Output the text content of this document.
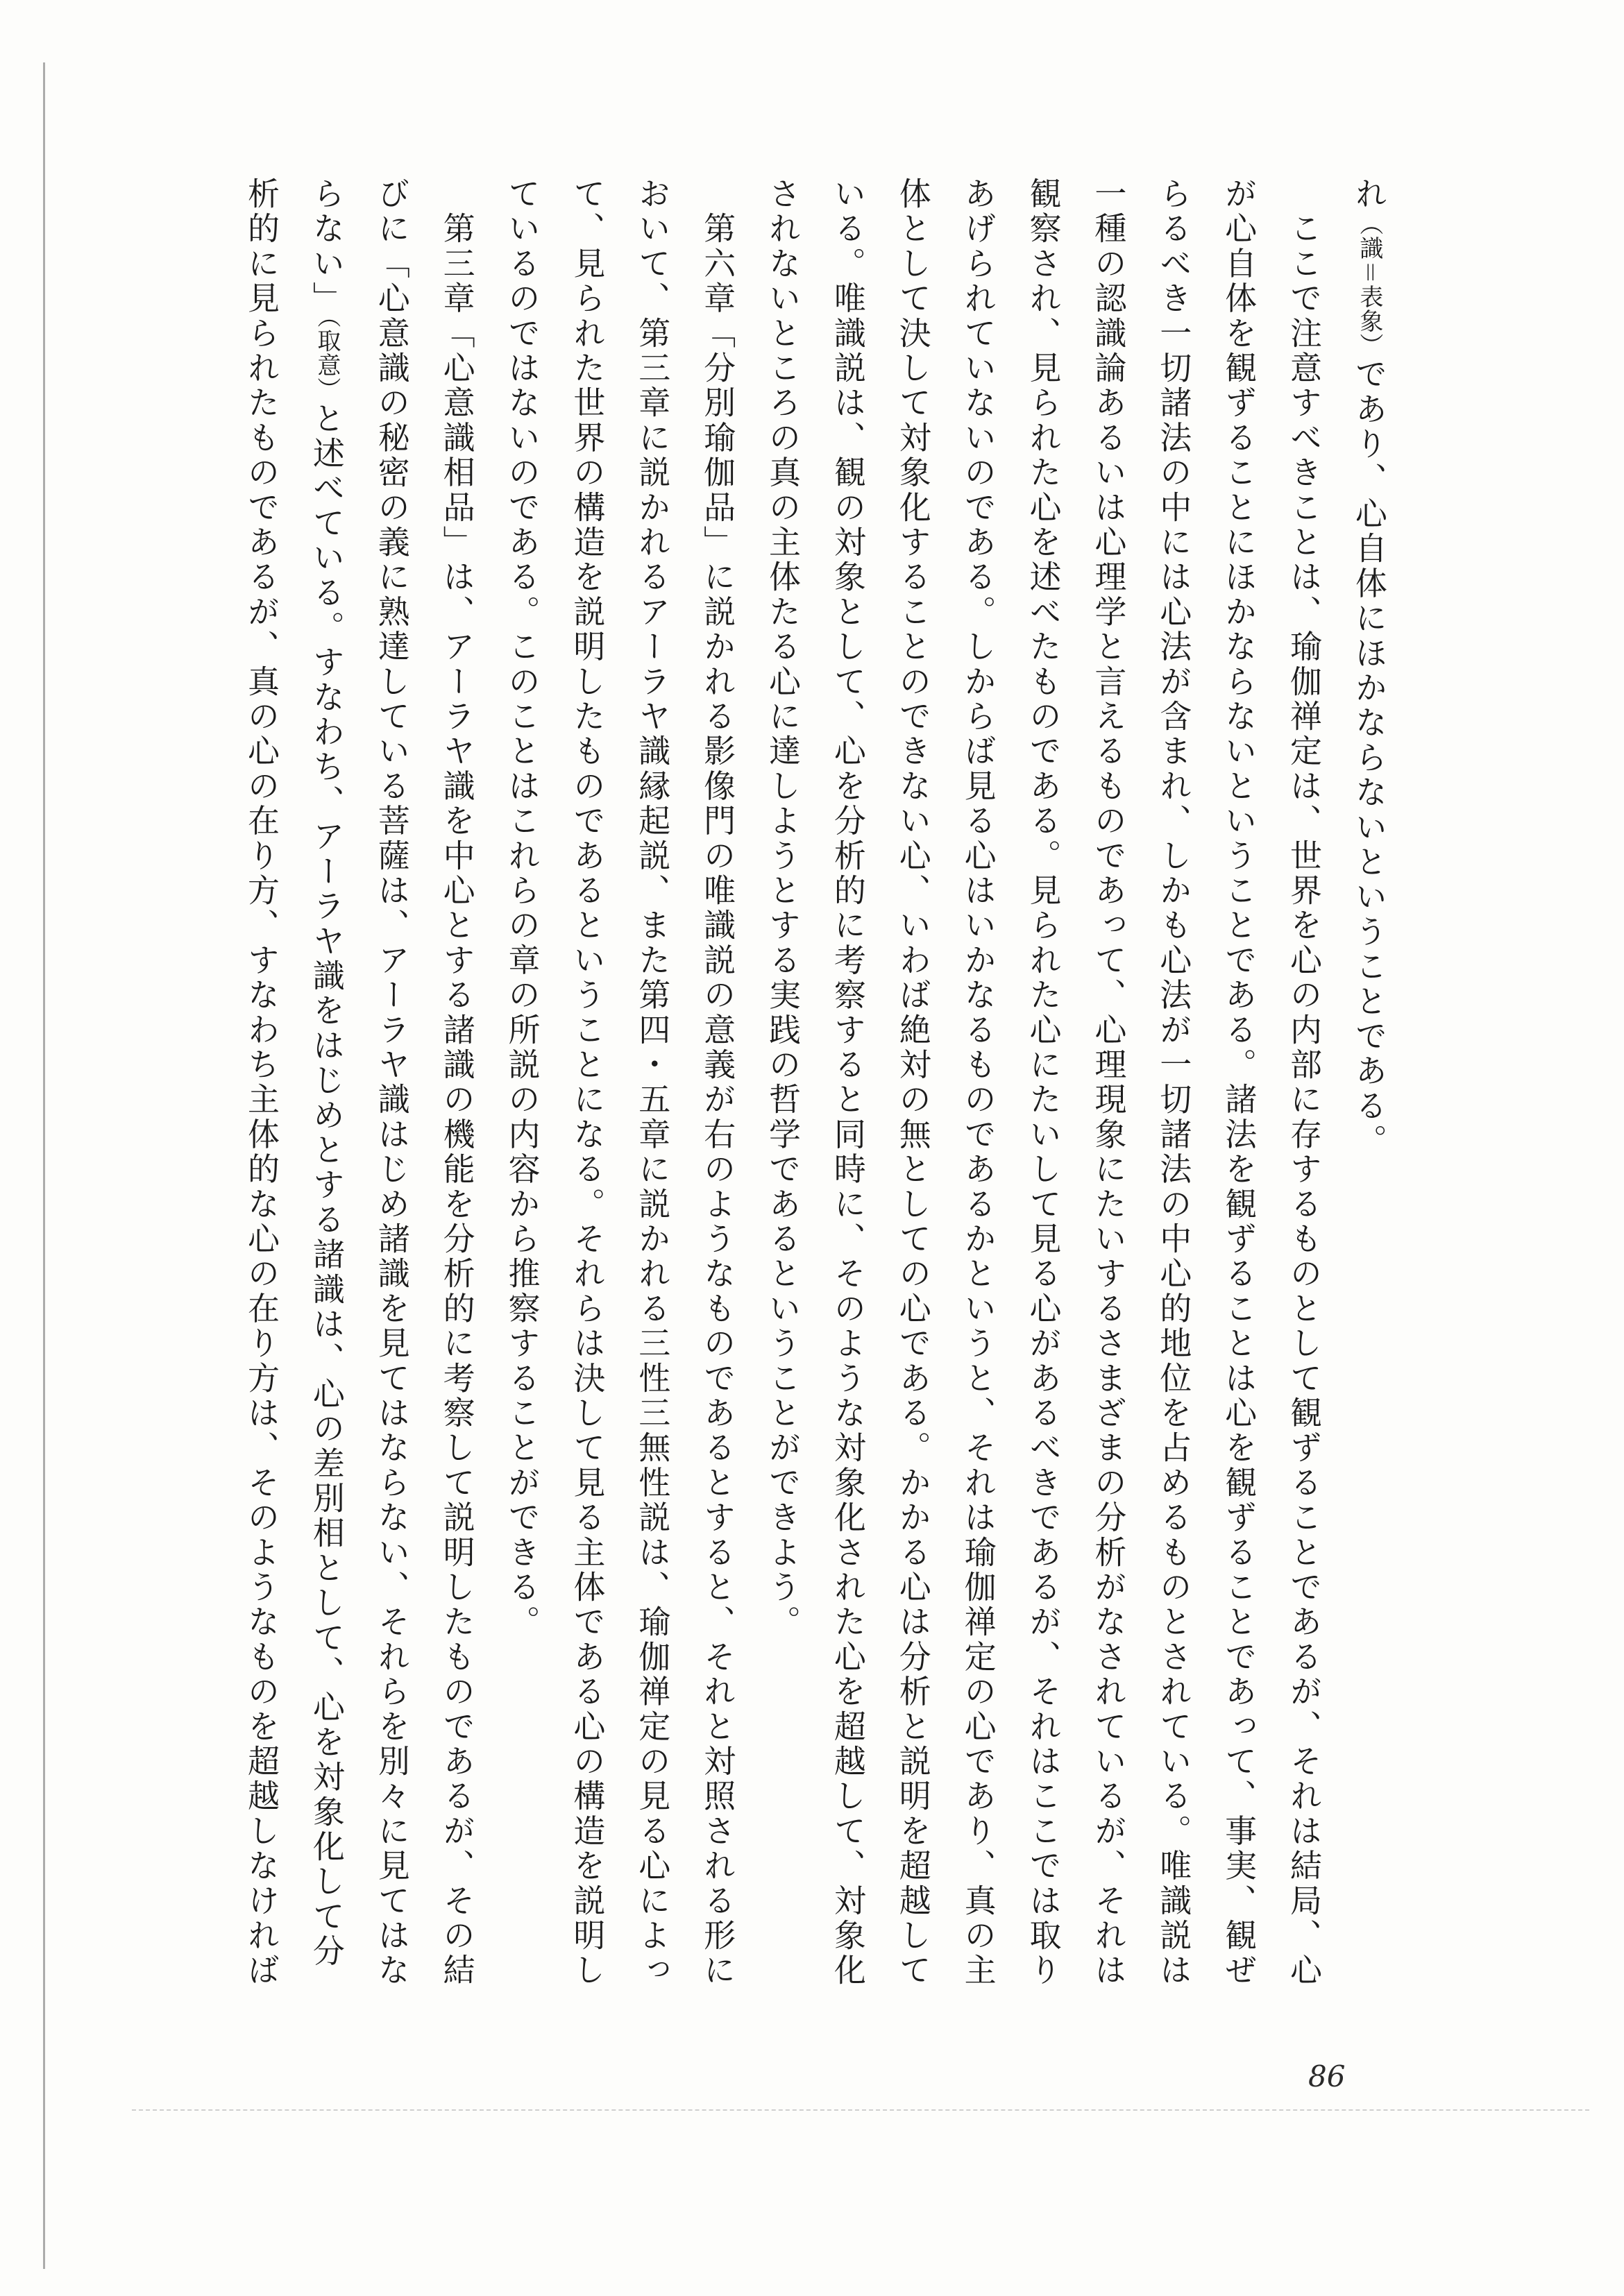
れ（識＝表象）であり、心自体にほかならないということである。
　ここで注意すべきことは、瑜伽禅定は、世界を心の内部に存するものとして観ずることであるが、それは結局、心
が心自体を観ずることにほかならないということである。諸法を観ずることは心を観ずることであって、事実、観ぜ
らるべき一切諸法の中には心法が含まれ、しかも心法が一切諸法の中心的地位を占めるものとされている。唯識説は
一種の認識論あるいは心理学と言えるものであって、心理現象にたいするさまざまの分析がなされているが、それは
観察され、見られた心を述べたものである。見られた心にたいして見る心があるべきであるが、それはここでは取り
あげられていないのである。しからば見る心はいかなるものであるかというと、それは瑜伽禅定の心であり、真の主
体として決して対象化することのできない心、いわば絶対の無としての心である。かかる心は分析と説明を超越して
いる。唯識説は、観の対象として、心を分析的に考察すると同時に、そのような対象化された心を超越して、対象化
されないところの真の主体たる心に達しようとする実践の哲学であるということができよう。
　第六章「分別瑜伽品」に説かれる影像門の唯識説の意義が右のようなものであるとすると、それと対照される形に
おいて、第三章に説かれるアーラヤ識縁起説、また第四・五章に説かれる三性三無性説は、瑜伽禅定の見る心によっ
て、見られた世界の構造を説明したものであるということになる。それらは決して見る主体である心の構造を説明し
ているのではないのである。このことはこれらの章の所説の内容から推察することができる。
　第三章「心意識相品」は、アーラヤ識を中心とする諸識の機能を分析的に考察して説明したものであるが、その結
びに「心意識の秘密の義に熟達している菩薩は、アーラヤ識はじめ諸識を見てはならない、それらを別々に見てはな
らない」（取意）と述べている。すなわち、アーラヤ識をはじめとする諸識は、心の差別相として、心を対象化して分
析的に見られたものであるが、真の心の在り方、すなわち主体的な心の在り方は、そのようなものを超越しなければ
86
